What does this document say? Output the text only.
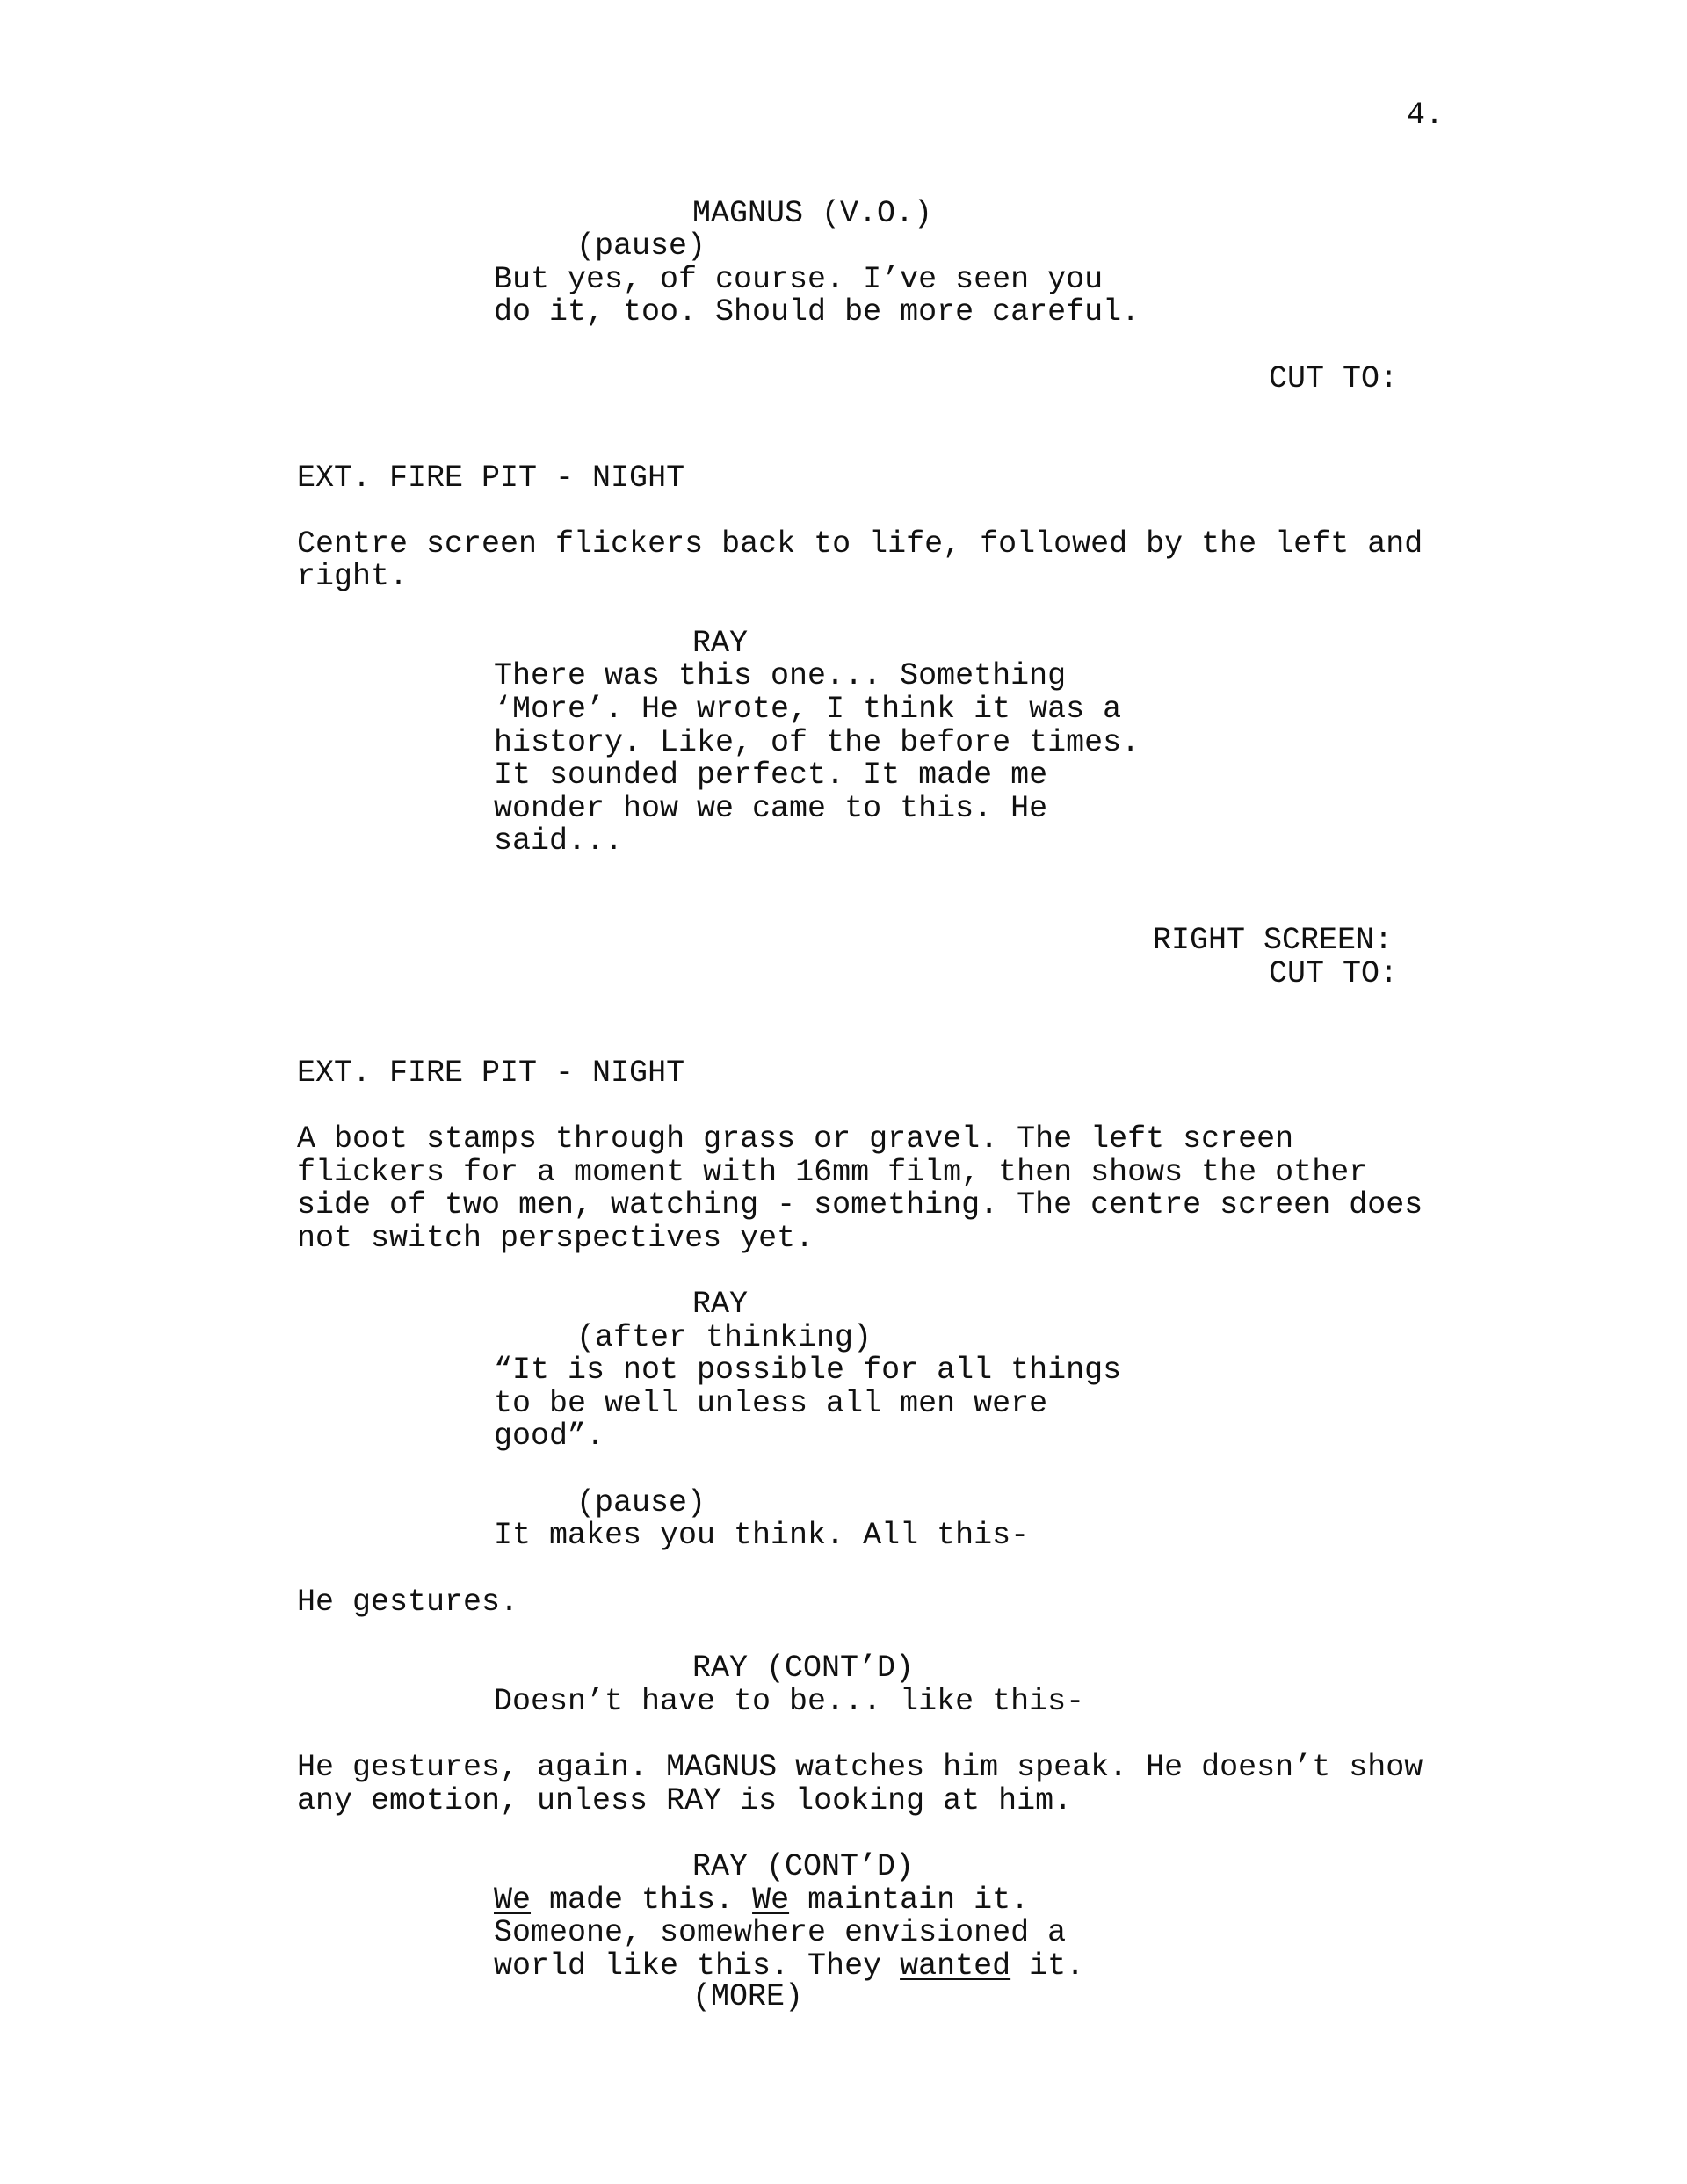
4.
MAGNUS (V.O.)
(pause)
But yes, of course. I’ve seen you
do it, too. Should be more careful.
CUT TO:
EXT. FIRE PIT - NIGHT
Centre screen flickers back to life, followed by the left and
right.
RAY
There was this one... Something
‘More’. He wrote, I think it was a
history. Like, of the before times.
It sounded perfect. It made me
wonder how we came to this. He
said...
RIGHT SCREEN:
CUT TO:
EXT. FIRE PIT - NIGHT
A boot stamps through grass or gravel. The left screen
flickers for a moment with 16mm film, then shows the other
side of two men, watching - something. The centre screen does
not switch perspectives yet.
RAY
(after thinking)
“It is not possible for all things
to be well unless all men were
good”.
(pause)
It makes you think. All this-
He gestures.
RAY (CONT’D)
Doesn’t have to be... like this-
He gestures, again. MAGNUS watches him speak. He doesn’t show
any emotion, unless RAY is looking at him.
RAY (CONT’D)
We made this. We maintain it.
Someone, somewhere envisioned a
world like this. They wanted it.
(MORE)
